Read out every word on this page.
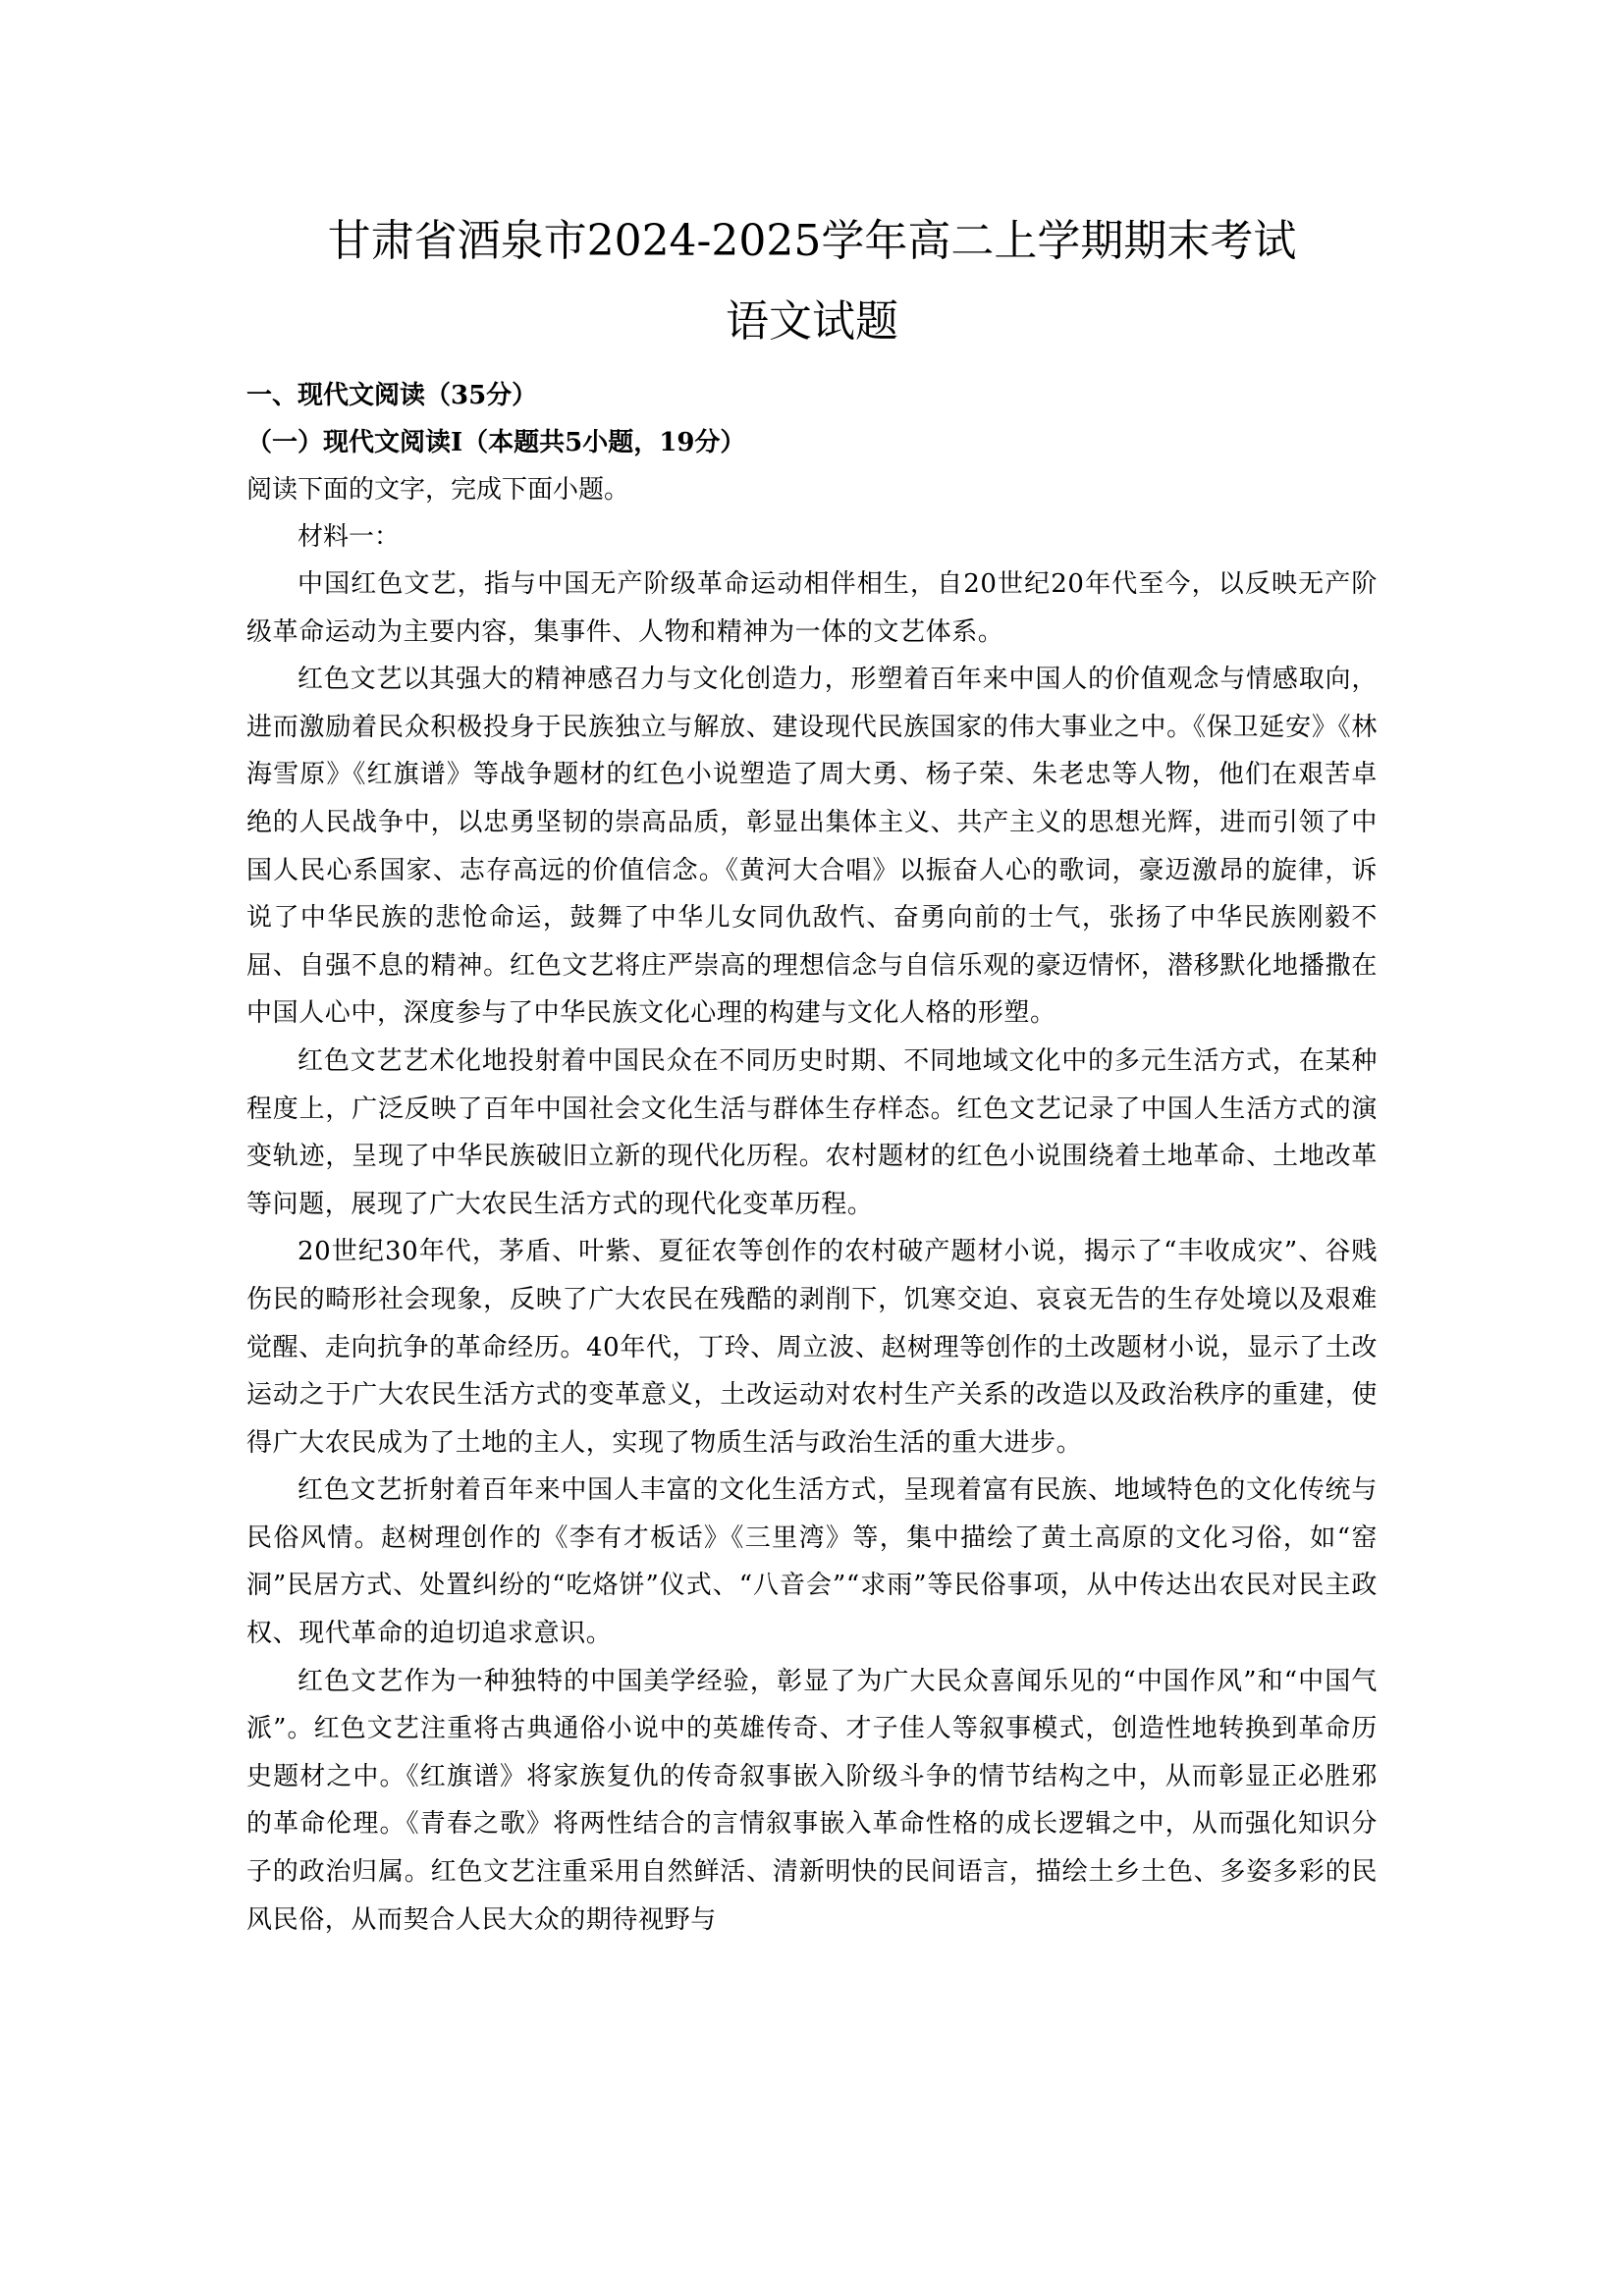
甘肃省酒泉市2024-2025学年高二上学期期末考试
语文试题

一、现代文阅读（35分）

（一）现代文阅读Ⅰ（本题共5小题，19分）

阅读下面的文字，完成下面小题。

材料一：

中国红色文艺，指与中国无产阶级革命运动相伴相生，自20世纪20年代至今，以反映无产阶级革命运动为主要内容，集事件、人物和精神为一体的文艺体系。

红色文艺以其强大的精神感召力与文化创造力，形塑着百年来中国人的价值观念与情感取向，进而激励着民众积极投身于民族独立与解放、建设现代民族国家的伟大事业之中。《保卫延安》《林海雪原》《红旗谱》等战争题材的红色小说塑造了周大勇、杨子荣、朱老忠等人物，他们在艰苦卓绝的人民战争中，以忠勇坚韧的崇高品质，彰显出集体主义、共产主义的思想光辉，进而引领了中国人民心系国家、志存高远的价值信念。《黄河大合唱》以振奋人心的歌词，豪迈激昂的旋律，诉说了中华民族的悲怆命运，鼓舞了中华儿女同仇敌忾、奋勇向前的士气，张扬了中华民族刚毅不屈、自强不息的精神。红色文艺将庄严崇高的理想信念与自信乐观的豪迈情怀，潜移默化地播撒在中国人心中，深度参与了中华民族文化心理的构建与文化人格的形塑。

红色文艺艺术化地投射着中国民众在不同历史时期、不同地域文化中的多元生活方式，在某种程度上，广泛反映了百年中国社会文化生活与群体生存样态。红色文艺记录了中国人生活方式的演变轨迹，呈现了中华民族破旧立新的现代化历程。农村题材的红色小说围绕着土地革命、土地改革等问题，展现了广大农民生活方式的现代化变革历程。

20世纪30年代，茅盾、叶紫、夏征农等创作的农村破产题材小说，揭示了“丰收成灾”、谷贱伤民的畸形社会现象，反映了广大农民在残酷的剥削下，饥寒交迫、哀哀无告的生存处境以及艰难觉醒、走向抗争的革命经历。40年代，丁玲、周立波、赵树理等创作的土改题材小说，显示了土改运动之于广大农民生活方式的变革意义，土改运动对农村生产关系的改造以及政治秩序的重建，使得广大农民成为了土地的主人，实现了物质生活与政治生活的重大进步。

红色文艺折射着百年来中国人丰富的文化生活方式，呈现着富有民族、地域特色的文化传统与民俗风情。赵树理创作的《李有才板话》《三里湾》等，集中描绘了黄土高原的文化习俗，如“窑洞”民居方式、处置纠纷的“吃烙饼”仪式、“八音会”“求雨”等民俗事项，从中传达出农民对民主政权、现代革命的迫切追求意识。

红色文艺作为一种独特的中国美学经验，彰显了为广大民众喜闻乐见的“中国作风”和“中国气派”。红色文艺注重将古典通俗小说中的英雄传奇、才子佳人等叙事模式，创造性地转换到革命历史题材之中。《红旗谱》将家族复仇的传奇叙事嵌入阶级斗争的情节结构之中，从而彰显正必胜邪的革命伦理。《青春之歌》将两性结合的言情叙事嵌入革命性格的成长逻辑之中，从而强化知识分子的政治归属。红色文艺注重采用自然鲜活、清新明快的民间语言，描绘土乡土色、多姿多彩的民风民俗，从而契合人民大众的期待视野与
